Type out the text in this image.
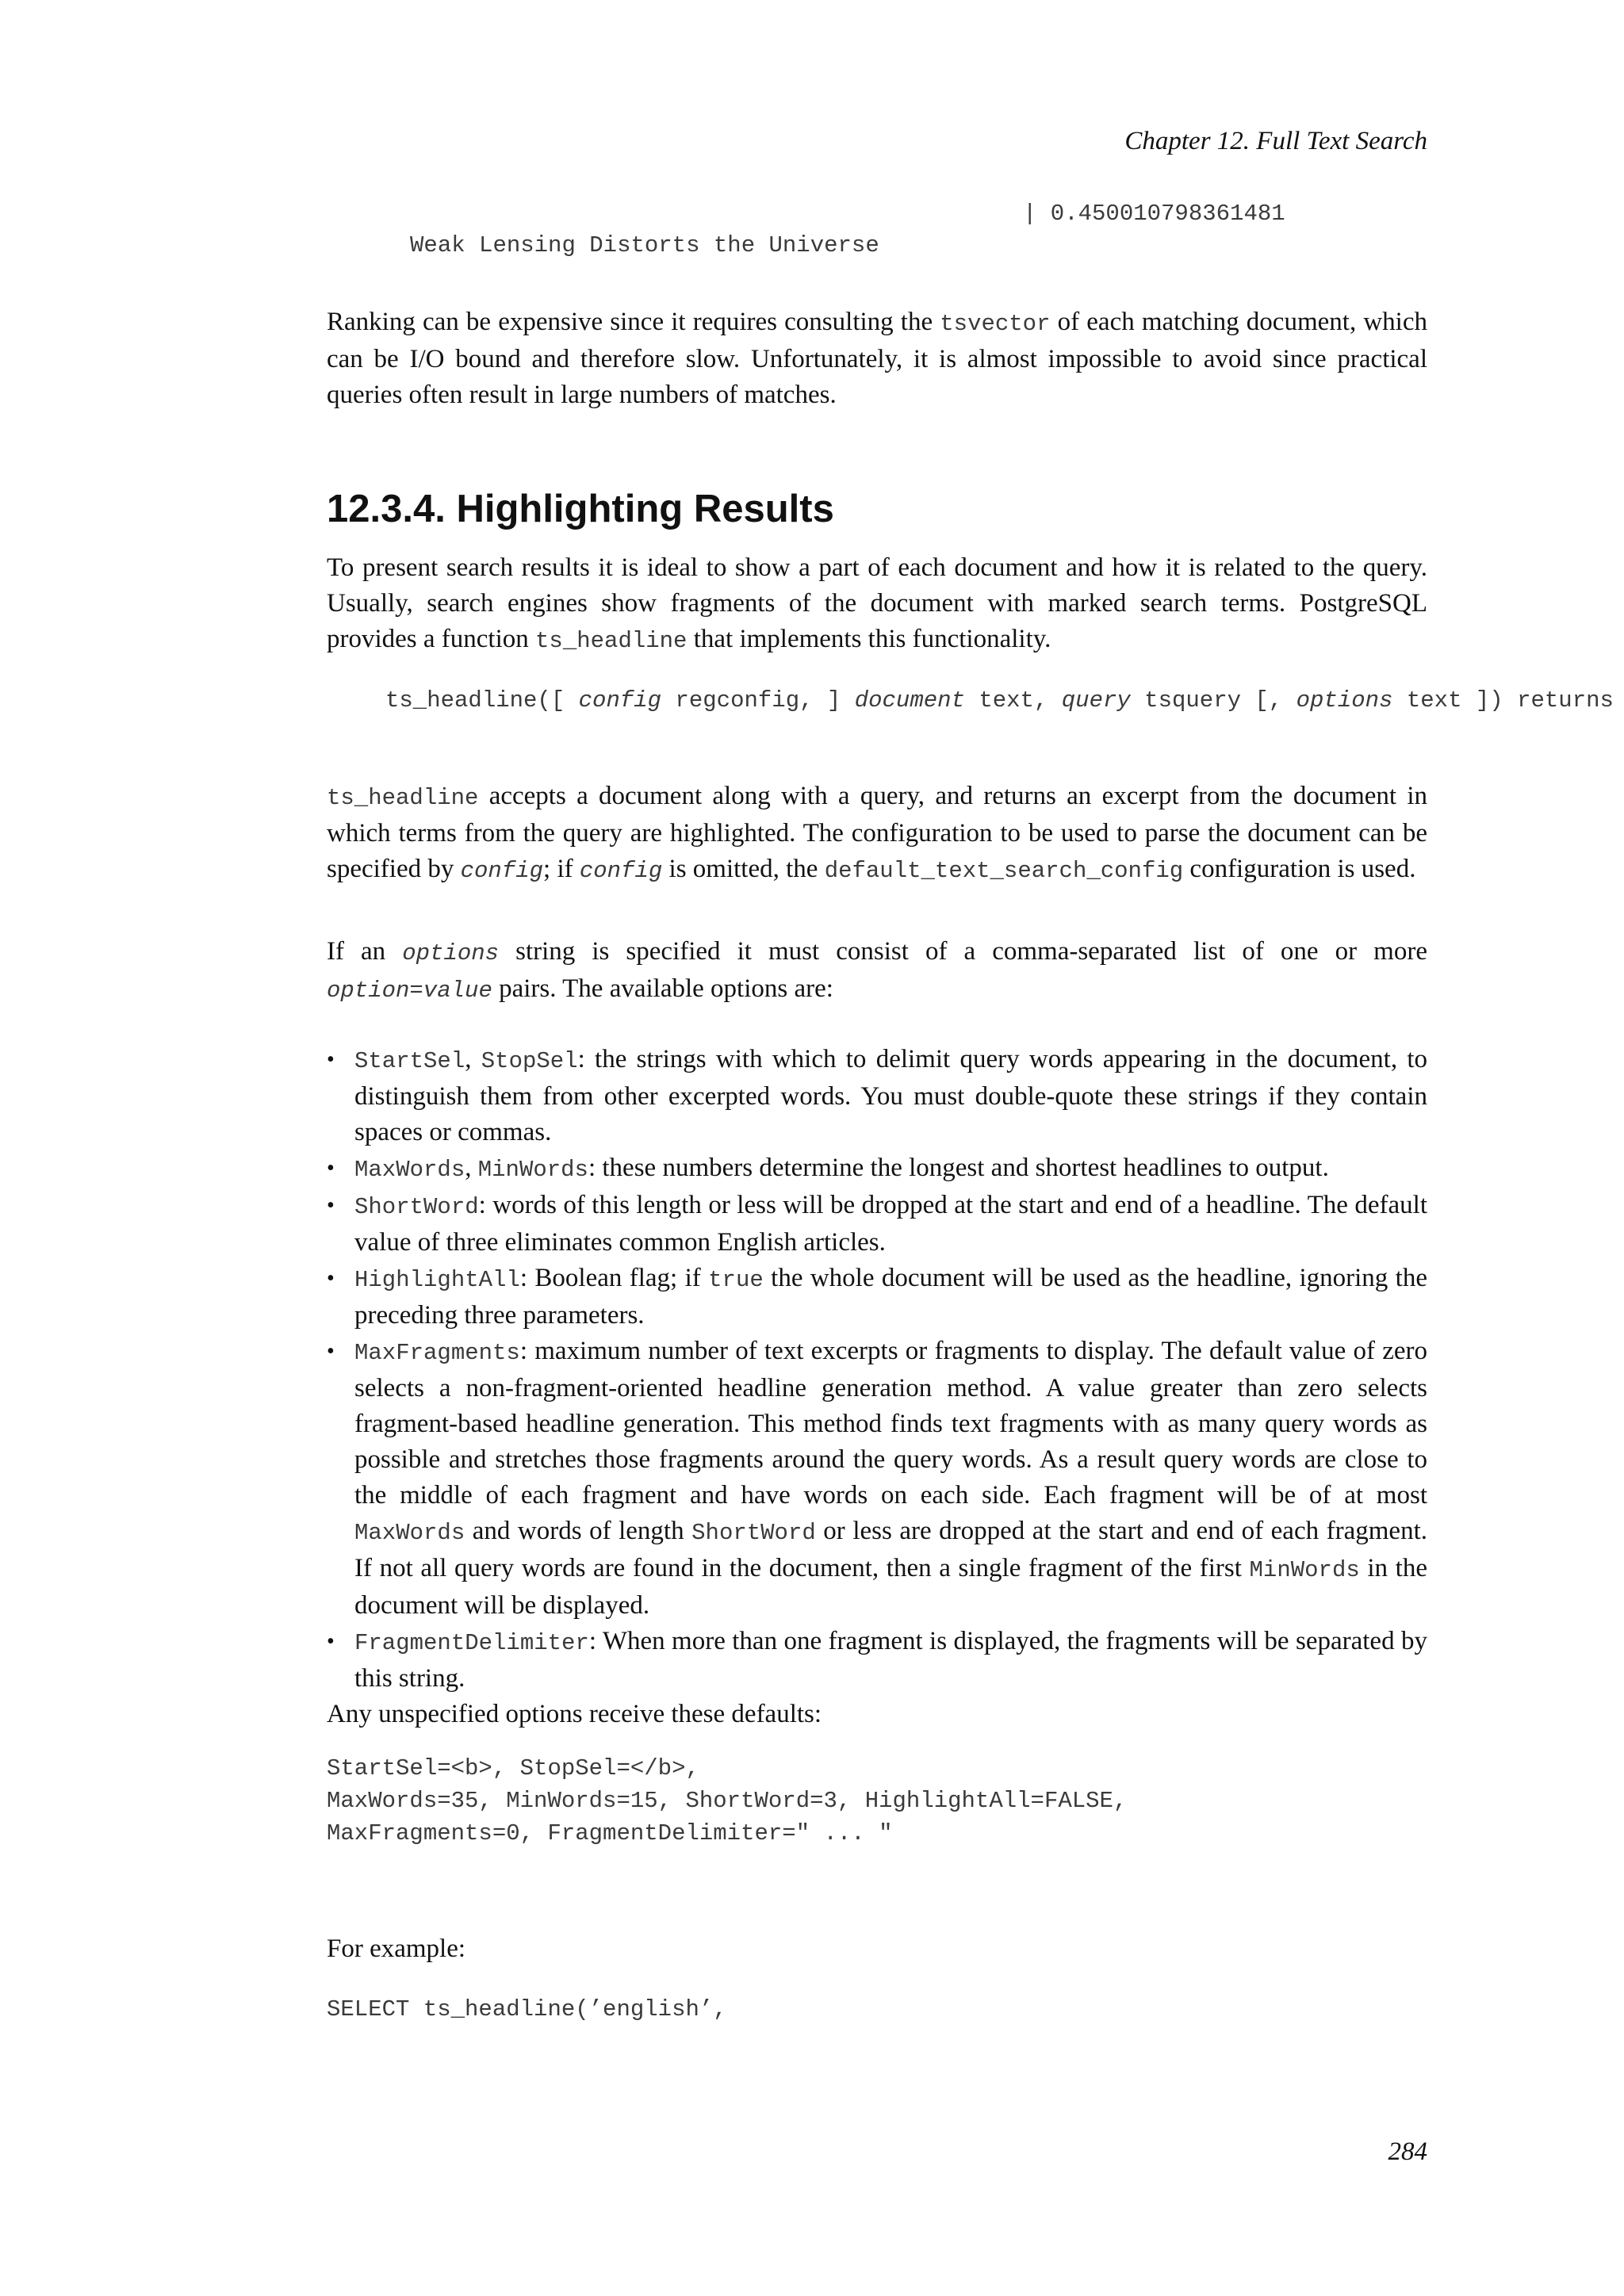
Chapter 12. Full Text Search

Weak Lensing Distorts the Universe

| 0.450010798361481

Ranking can be expensive since it requires consulting the tsvector of each matching document, which can be I/O bound and therefore slow. Unfortunately, it is almost impossible to avoid since practical queries often result in large numbers of matches.

12.3.4. Highlighting Results

To present search results it is ideal to show a part of each document and how it is related to the query. Usually, search engines show fragments of the document with marked search terms. PostgreSQL provides a function ts_headline that implements this functionality.

ts_headline([ config regconfig, ] document text, query tsquery [, options text ]) returns

ts_headline accepts a document along with a query, and returns an excerpt from the document in which terms from the query are highlighted. The configuration to be used to parse the document can be specified by config; if config is omitted, the default_text_search_config configuration is used.

If an options string is specified it must consist of a comma-separated list of one or more option=value pairs. The available options are:

• StartSel, StopSel: the strings with which to delimit query words appearing in the document, to distinguish them from other excerpted words. You must double-quote these strings if they contain spaces or commas.
• MaxWords, MinWords: these numbers determine the longest and shortest headlines to output.
• ShortWord: words of this length or less will be dropped at the start and end of a headline. The default value of three eliminates common English articles.
• HighlightAll: Boolean flag; if true the whole document will be used as the headline, ignoring the preceding three parameters.
• MaxFragments: maximum number of text excerpts or fragments to display. The default value of zero selects a non-fragment-oriented headline generation method. A value greater than zero selects fragment-based headline generation. This method finds text fragments with as many query words as possible and stretches those fragments around the query words. As a result query words are close to the middle of each fragment and have words on each side. Each fragment will be of at most MaxWords and words of length ShortWord or less are dropped at the start and end of each fragment. If not all query words are found in the document, then a single fragment of the first MinWords in the document will be displayed.
• FragmentDelimiter: When more than one fragment is displayed, the fragments will be separated by this string.

Any unspecified options receive these defaults:

StartSel=<b>, StopSel=</b>,
MaxWords=35, MinWords=15, ShortWord=3, HighlightAll=FALSE,
MaxFragments=0, FragmentDelimiter=" ... "

For example:

SELECT ts_headline(’english’,
284
